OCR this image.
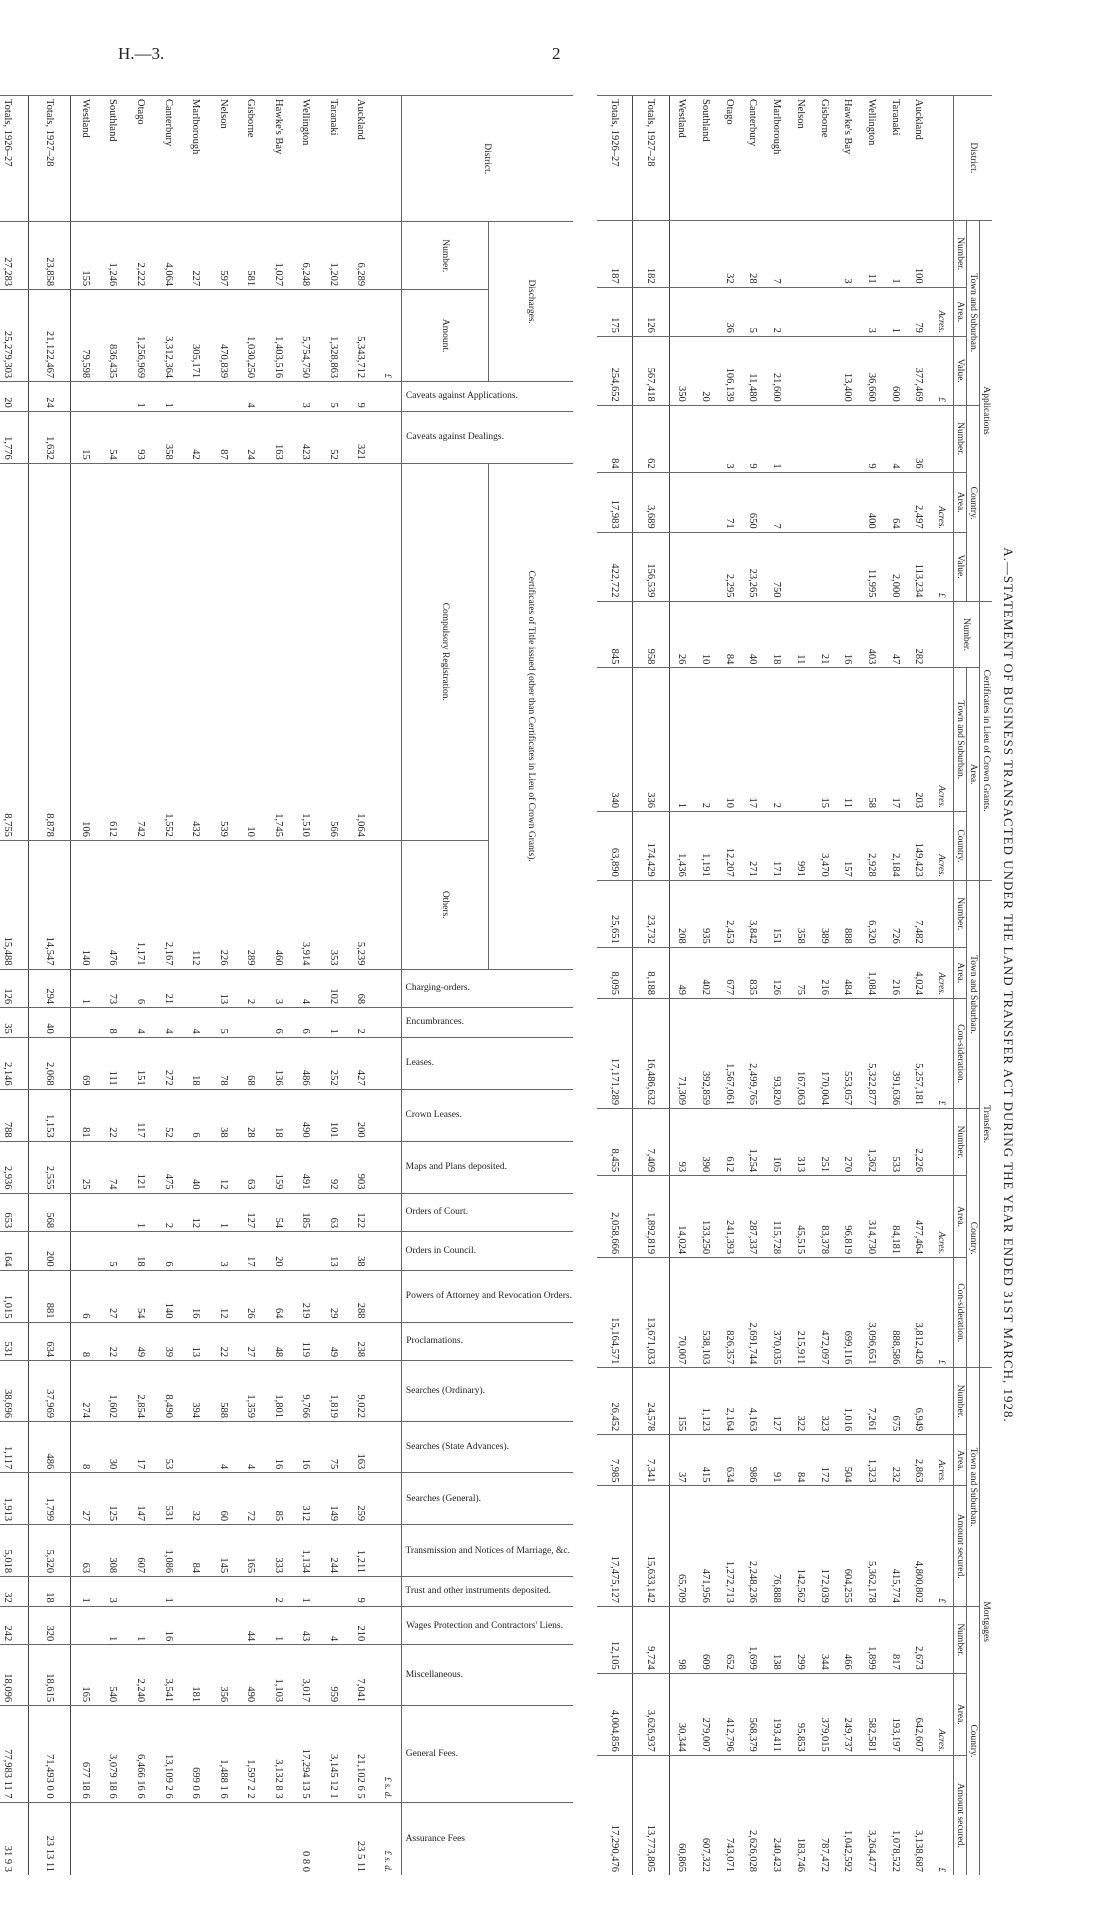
H.—3.	2
A.—STATEMENT OF BUSINESS TRANSACTED UNDER THE LAND TRANSFER ACT DURING THE YEAR ENDED 31ST MARCH, 1928.
District.	Applications						Certificates in Lieu of Crown Grants.			Transfers.						Mortgages					
	Town and Suburban.			Country.			Number.	Area.		Town and Suburban.			Country.			Town and Suburban.			Country.		
	Number.	Area.	Value.	Number.	Area.	Value.		Town and Suburban.	Country.	Number.	Area.	Con-sideration.	Number.	Area.	Con-sideration.	Number.	Area.	Amount secured.	Number.	Area.	Amount secured.
		Acres.	£		Acres.	£		Acres.	Acres.		Acres.	£		Acres.	£		Acres.	£		Acres.	£
Auckland	100	79	377,469	36	2,497	113,234	282	203	149,423	7,482	4,024	5,257,181	2,226	477,464	3,812,426	6,949	2,863	4,800,802	2,673	642,607	3,138,687
Taranaki	1	1	600	4	64	2,000	47	17	2,184	726	216	391,636	533	84,181	888,586	675	232	415,774	817	193,197	1,078,522
Wellington	11	3	36,660	9	400	11,995	403	58	2,928	6,320	1,084	5,322,877	1,362	314,730	3,096,651	7,261	1,323	5,362,178	1,899	582,581	3,264,477
Hawke's Bay	3		13,400				16	11	157	888	484	553,057	270	96,819	699,116	1,016	504	604,255	466	249,737	1,042,592
Gisborne							21	15	3,470	389	216	170,004	251	83,378	472,097	323	172	172,039	344	379,015	787,472
Nelson							11		991	358	75	167,063	313	45,515	215,911	322	84	142,562	299	95,853	183,746
Marlborough	7	2	21,600	1	7	750	18	2	171	151	126	93,820	105	115,728	370,035	127	91	76,888	138	193,411	240,423
Canterbury	28	5	11,480	9	650	23,265	40	17	271	3,842	835	2,499,765	1,254	287,337	2,691,744	4,163	986	2,248,236	1,699	568,379	2,626,028
Otago	32	36	106,139	3	71	2,295	84	10	12,207	2,453	677	1,567,061	612	241,393	826,357	2,164	634	1,272,713	652	412,796	743,071
Southland			20				10	2	1,191	935	402	392,859	390	133,250	538,103	1,123	415	471,956	609	279,007	607,322
Westland			350				26	1	1,436	208	49	71,309	93	14,024	70,007	155	37	65,709	98	30,344	60,865
Totals, 1927–28	182	126	567,418	62	3,689	156,539	958	336	174,429	23,732	8,188	16,486,632	7,409	1,892,819	13,671,033	24,578	7,341	15,633,142	9,724	3,626,937	13,773,805
Totals, 1926–27	187	175	254,652	84	17,983	422,722	845	340	63,890	25,651	8,095	17,171,289	8,455	2,058,666	15,164,571	26,452	7,985	17,475,127	12,105	4,004,856	17,290,476
District.	Discharges.		Caveats against Applications.	Caveats against Dealings.	Certificates of Title issued (other than Certificates in Lieu of Crown Grants).		Charging-orders.	Encumbrances.	Leases.	Crown Leases.	Maps and Plans deposited.	Orders of Court.	Orders in Council.	Powers of Attorney and Revocation Orders.	Proclamations.	Searches (Ordinary).	Searches (State Advances).	Searches (General).	Transmission and Notices of Marriage, &c.	Trust and other instruments deposited.	Wages Protection and Contractors' Liens.	Miscellaneous.	General Fees.	Assurance Fees
	Number.	Amount.			Compulsory Registration.	Others.																		
		£																					£ s. d.	£ s. d.
Auckland	6,289	5,343,712	9	321	1,064	5,239	68	2	427	200	903	122	38	288	238	9,022	163	259	1,211	9	210	7,041	21,102 6 5	23 5 11
Taranaki	1,202	1,328,863	5	52	566	353	102	1	252	101	92	63	13	29	49	1,819	75	149	244		4	959	3,145 12 1	
Wellington	6,248	5,754,750	3	423	1,510	3,914	4	6	486	490	491	185		219	119	9,766	16	312	1,134	1	43	3,017	17,294 13 5	0 8 0
Hawke's Bay	1,027	1,403,516		163	1,745	460	3	6	136	18	159	54	20	64	48	1,801	16	85	333	2	1	1,103	3,132 8 3	
Gisborne	581	1,030,250	4	24	10	289	2		68	28	63	127	17	26	27	1,359	4	72	165		44	490	1,597 2 2	
Nelson	597	470,839		87	539	226	13	5	78	38	12	1	3	12	22	588	4	60	145			356	1,488 1 6	
Marlborough	227	305,171		42	432	112		4	18	6	40	12		16	13	394		32	84			181	699 0 6	
Canterbury	4,064	3,312,364	1	358	1,552	2,167	21	4	272	52	475	2	6	140	39	8,490	53	531	1,086	1	16	3,541	13,109 2 6	
Otago	2,222	1,256,969	1	93	742	1,171	6	4	151	117	121	1	18	54	49	2,854	17	147	607		1	2,240	6,466 16 6	
Southland	1,246	836,435		54	612	476	73	8	111	22	74		5	27	22	1,602	30	125	308	3	1	540	3,079 18 6	
Westland	155	79,598		15	106	140	1		69	81	25			6	8	274	8	27	63	1		165	677 18 6	
Totals, 1927–28	23,858	21,122,467	24	1,632	8,878	14,547	294	40	2,068	1,153	2,555	568	200	881	634	37,969	486	1,799	5,320	18	320	18,615	71,493 0 0	23 13 11
Totals, 1926–27	27,283	25,279,303	20	1,776	8,755	15,488	126	35	2,146	788	2,936	653	164	1,015	531	38,696	1,117	1,913	5,018	32	242	18,096	77,983 11 7	31 9 3
